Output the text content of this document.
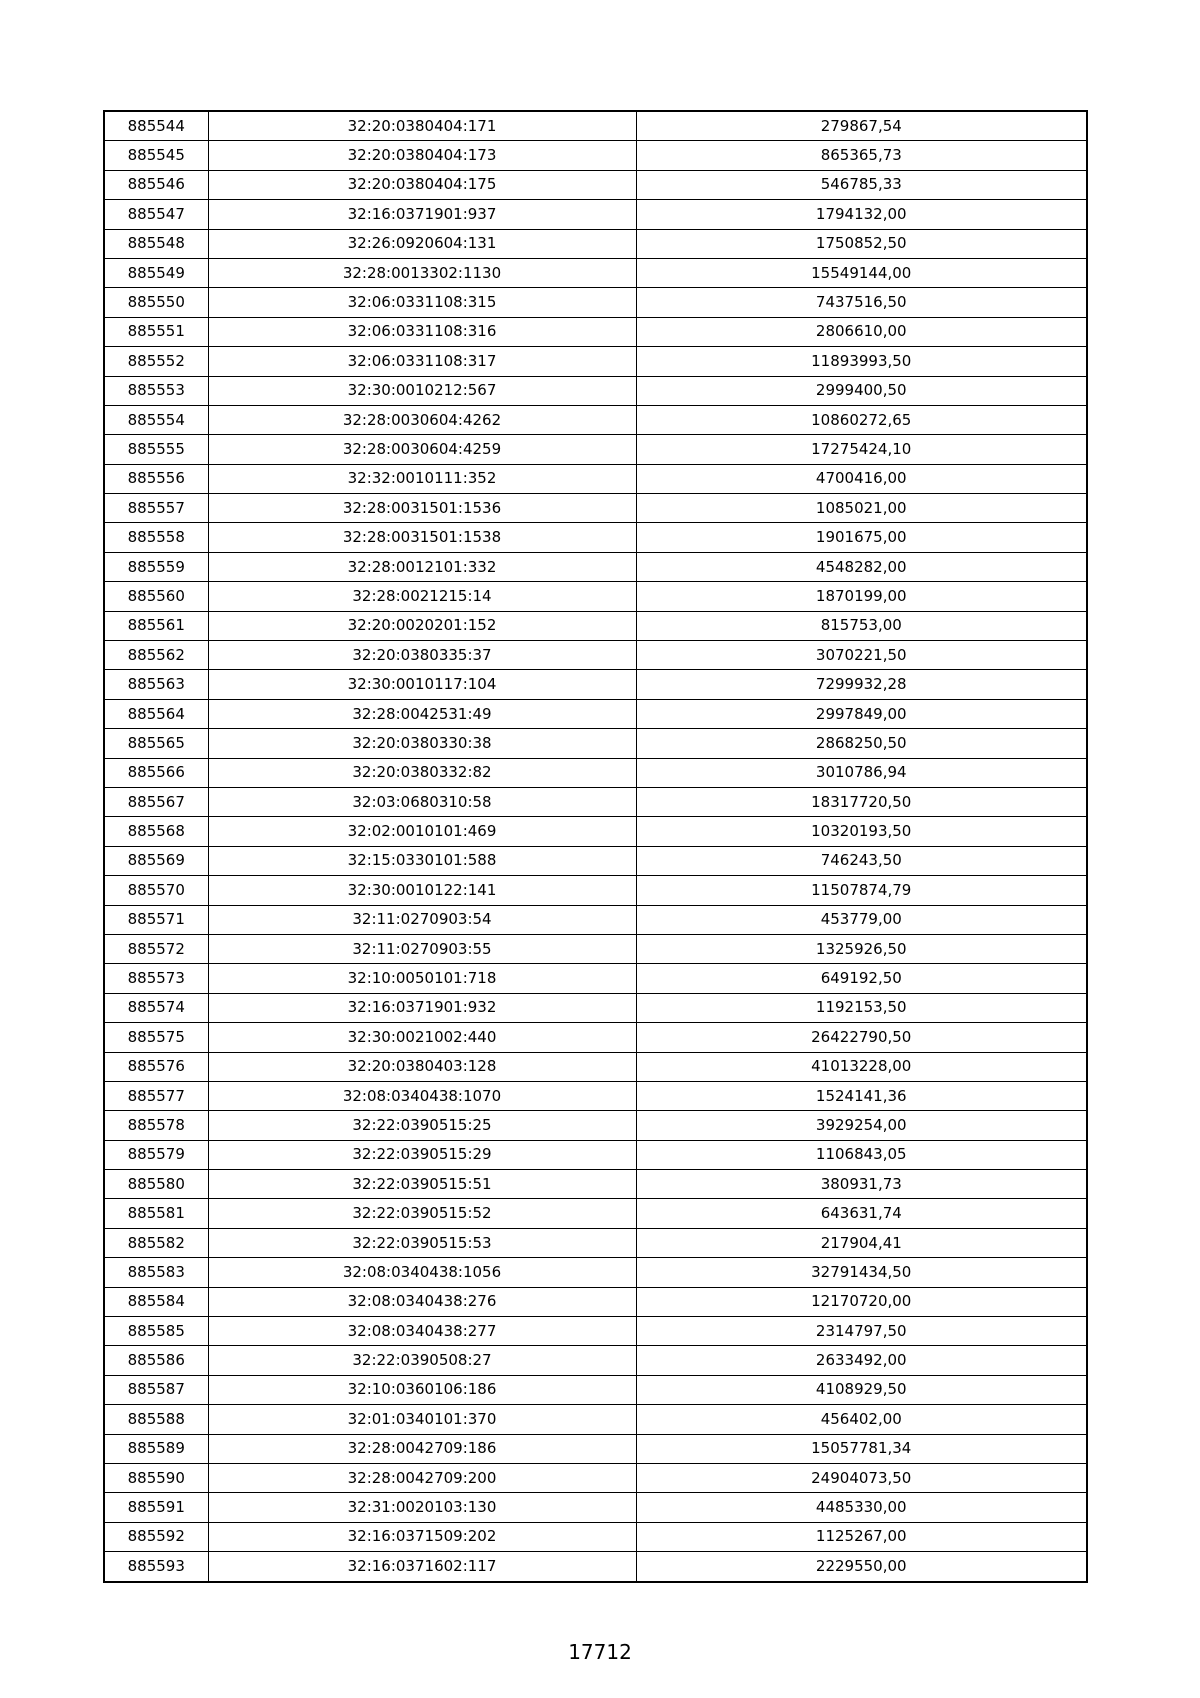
885544	32:20:0380404:171	279867,54
885545	32:20:0380404:173	865365,73
885546	32:20:0380404:175	546785,33
885547	32:16:0371901:937	1794132,00
885548	32:26:0920604:131	1750852,50
885549	32:28:0013302:1130	15549144,00
885550	32:06:0331108:315	7437516,50
885551	32:06:0331108:316	2806610,00
885552	32:06:0331108:317	11893993,50
885553	32:30:0010212:567	2999400,50
885554	32:28:0030604:4262	10860272,65
885555	32:28:0030604:4259	17275424,10
885556	32:32:0010111:352	4700416,00
885557	32:28:0031501:1536	1085021,00
885558	32:28:0031501:1538	1901675,00
885559	32:28:0012101:332	4548282,00
885560	32:28:0021215:14	1870199,00
885561	32:20:0020201:152	815753,00
885562	32:20:0380335:37	3070221,50
885563	32:30:0010117:104	7299932,28
885564	32:28:0042531:49	2997849,00
885565	32:20:0380330:38	2868250,50
885566	32:20:0380332:82	3010786,94
885567	32:03:0680310:58	18317720,50
885568	32:02:0010101:469	10320193,50
885569	32:15:0330101:588	746243,50
885570	32:30:0010122:141	11507874,79
885571	32:11:0270903:54	453779,00
885572	32:11:0270903:55	1325926,50
885573	32:10:0050101:718	649192,50
885574	32:16:0371901:932	1192153,50
885575	32:30:0021002:440	26422790,50
885576	32:20:0380403:128	41013228,00
885577	32:08:0340438:1070	1524141,36
885578	32:22:0390515:25	3929254,00
885579	32:22:0390515:29	1106843,05
885580	32:22:0390515:51	380931,73
885581	32:22:0390515:52	643631,74
885582	32:22:0390515:53	217904,41
885583	32:08:0340438:1056	32791434,50
885584	32:08:0340438:276	12170720,00
885585	32:08:0340438:277	2314797,50
885586	32:22:0390508:27	2633492,00
885587	32:10:0360106:186	4108929,50
885588	32:01:0340101:370	456402,00
885589	32:28:0042709:186	15057781,34
885590	32:28:0042709:200	24904073,50
885591	32:31:0020103:130	4485330,00
885592	32:16:0371509:202	1125267,00
885593	32:16:0371602:117	2229550,00
17712
